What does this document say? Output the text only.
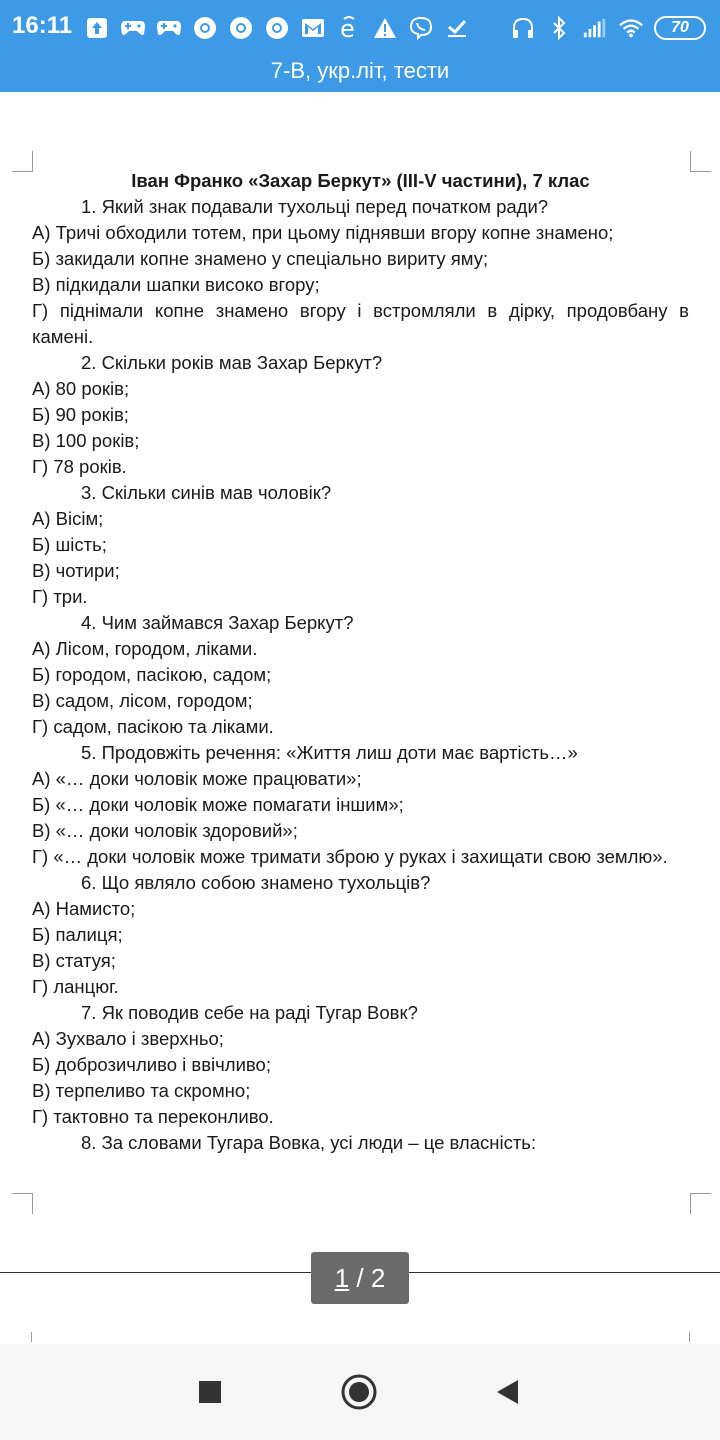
16:11	e	70
7-В, укр.літ, тести
Іван Франко «Захар Беркут» (ІІІ-V частини), 7 клас
1. Який знак подавали тухольці перед початком ради?
А) Тричі обходили тотем, при цьому піднявши вгору копне знамено;
Б) закидали копне знамено у спеціально вириту яму;
В) підкидали шапки високо вгору;
Г) піднімали копне знамено вгору і встромляли в дірку, продовбану в камені.
2. Скільки років мав Захар Беркут?
А) 80 років;
Б) 90 років;
В) 100 років;
Г) 78 років.
3. Скільки синів мав чоловік?
А) Вісім;
Б) шість;
В) чотири;
Г) три.
4. Чим займався Захар Беркут?
А) Лісом, городом, ліками.
Б) городом, пасікою, садом;
В) садом, лісом, городом;
Г) садом, пасікою та ліками.
5. Продовжіть речення: «Життя лиш доти має вартість…»
А) «… доки чоловік може працювати»;
Б) «… доки чоловік може помагати іншим»;
В) «… доки чоловік здоровий»;
Г) «… доки чоловік може тримати зброю у руках і захищати свою землю».
6. Що являло собою знамено тухольців?
А) Намисто;
Б) палиця;
В) статуя;
Г) ланцюг.
7. Як поводив себе на раді Тугар Вовк?
А) Зухвало і зверхньо;
Б) доброзичливо і ввічливо;
В) терпеливо та скромно;
Г) тактовно та переконливо.
8. За словами Тугара Вовка, усі люди – це власність:
1 / 2
